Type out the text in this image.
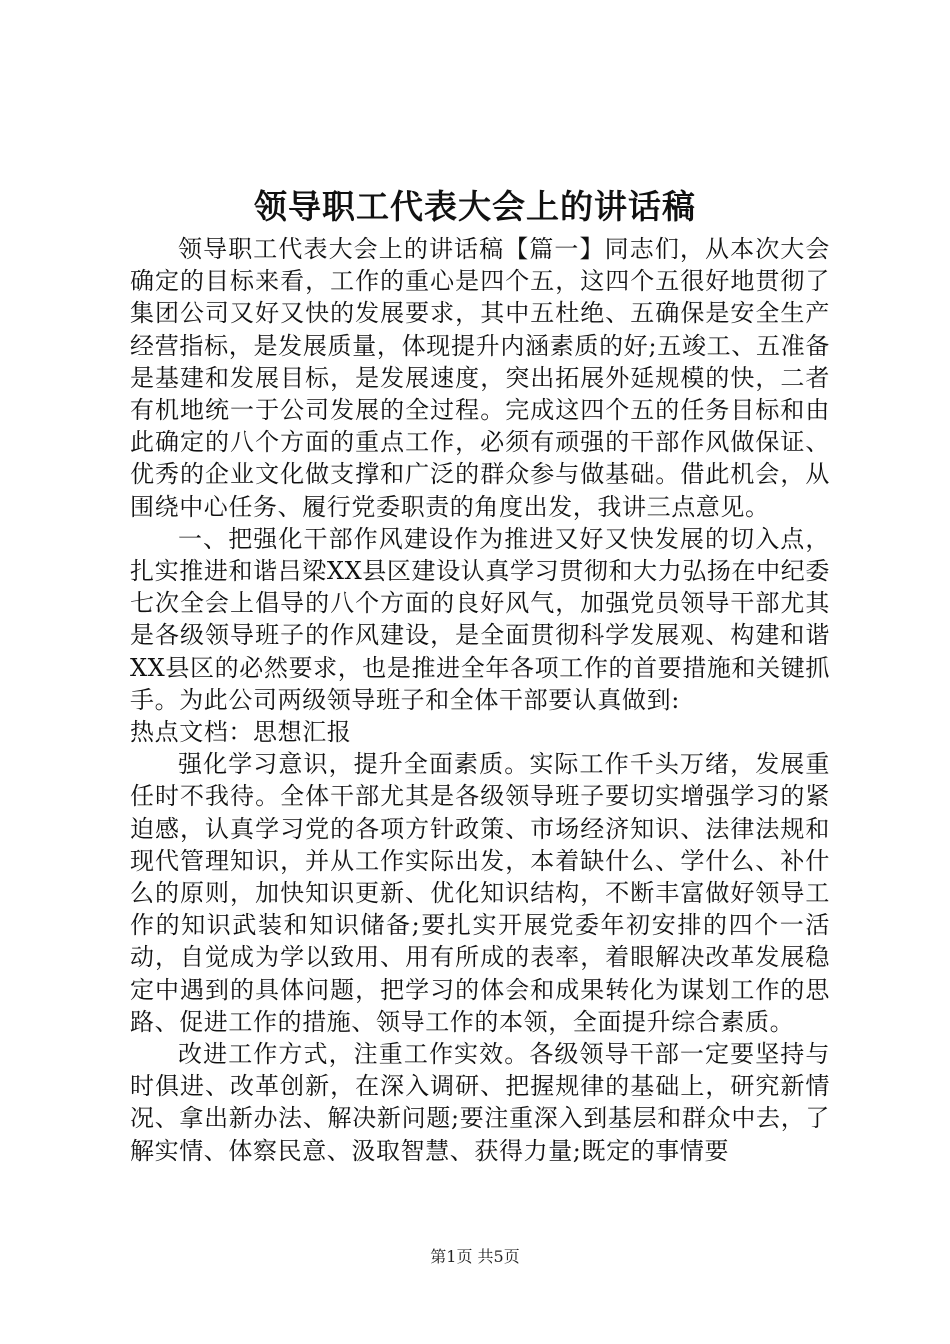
领导职工代表大会上的讲话稿

领导职工代表大会上的讲话稿【篇一】同志们，从本次大会确定的目标来看，工作的重心是四个五，这四个五很好地贯彻了集团公司又好又快的发展要求，其中五杜绝、五确保是安全生产经营指标，是发展质量，体现提升内涵素质的好;五竣工、五准备是基建和发展目标，是发展速度，突出拓展外延规模的快，二者有机地统一于公司发展的全过程。完成这四个五的任务目标和由此确定的八个方面的重点工作，必须有顽强的干部作风做保证、优秀的企业文化做支撑和广泛的群众参与做基础。借此机会，从围绕中心任务、履行党委职责的角度出发，我讲三点意见。

一、把强化干部作风建设作为推进又好又快发展的切入点，扎实推进和谐吕梁XX县区建设认真学习贯彻和大力弘扬在中纪委七次全会上倡导的八个方面的良好风气，加强党员领导干部尤其是各级领导班子的作风建设，是全面贯彻科学发展观、构建和谐XX县区的必然要求，也是推进全年各项工作的首要措施和关键抓手。为此公司两级领导班子和全体干部要认真做到:

热点文档：思想汇报

强化学习意识，提升全面素质。实际工作千头万绪，发展重任时不我待。全体干部尤其是各级领导班子要切实增强学习的紧迫感，认真学习党的各项方针政策、市场经济知识、法律法规和现代管理知识，并从工作实际出发，本着缺什么、学什么、补什么的原则，加快知识更新、优化知识结构，不断丰富做好领导工作的知识武装和知识储备;要扎实开展党委年初安排的四个一活动，自觉成为学以致用、用有所成的表率，着眼解决改革发展稳定中遇到的具体问题，把学习的体会和成果转化为谋划工作的思路、促进工作的措施、领导工作的本领，全面提升综合素质。

改进工作方式，注重工作实效。各级领导干部一定要坚持与时俱进、改革创新，在深入调研、把握规律的基础上，研究新情况、拿出新办法、解决新问题;要注重深入到基层和群众中去，了解实情、体察民意、汲取智慧、获得力量;既定的事情要

第1页 共5页
